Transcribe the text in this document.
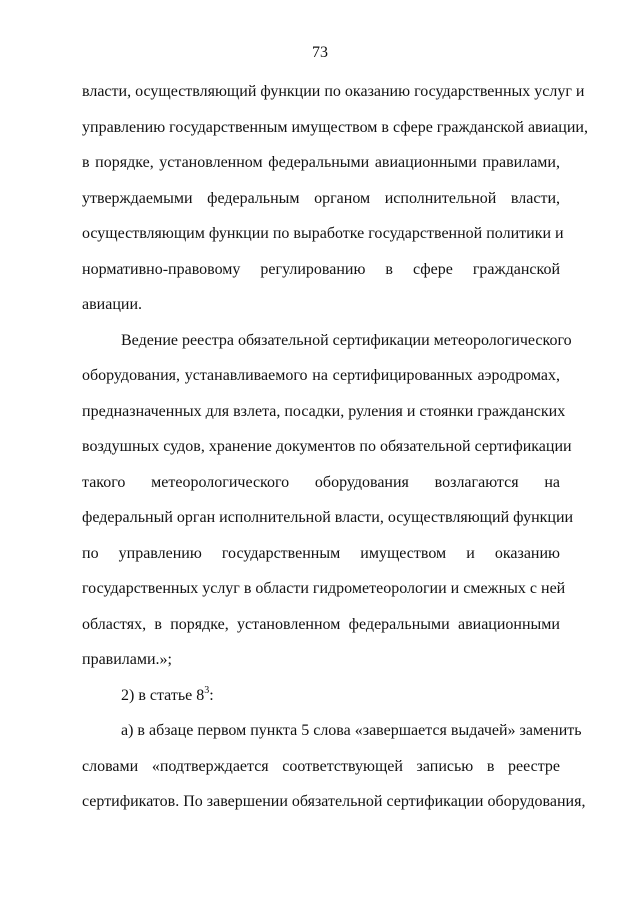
73
власти, осуществляющий функции по оказанию государственных услуг и
управлению государственным имуществом в сфере гражданской авиации,
в порядке, установленном федеральными авиационными правилами,
утверждаемыми федеральным органом исполнительной власти,
осуществляющим функции по выработке государственной политики и
нормативно-правовому регулированию в сфере гражданской
авиации.
Ведение реестра обязательной сертификации метеорологического
оборудования, устанавливаемого на сертифицированных аэродромах,
предназначенных для взлета, посадки, руления и стоянки гражданских
воздушных судов, хранение документов по обязательной сертификации
такого метеорологического оборудования возлагаются на
федеральный орган исполнительной власти, осуществляющий функции
по управлению государственным имуществом и оказанию
государственных услуг в области гидрометеорологии и смежных с ней
областях, в порядке, установленном федеральными авиационными
правилами.»;
2) в статье $8^3$:
а) в абзаце первом пункта 5 слова «завершается выдачей» заменить
словами «подтверждается соответствующей записью в реестре
сертификатов. По завершении обязательной сертификации оборудования,
